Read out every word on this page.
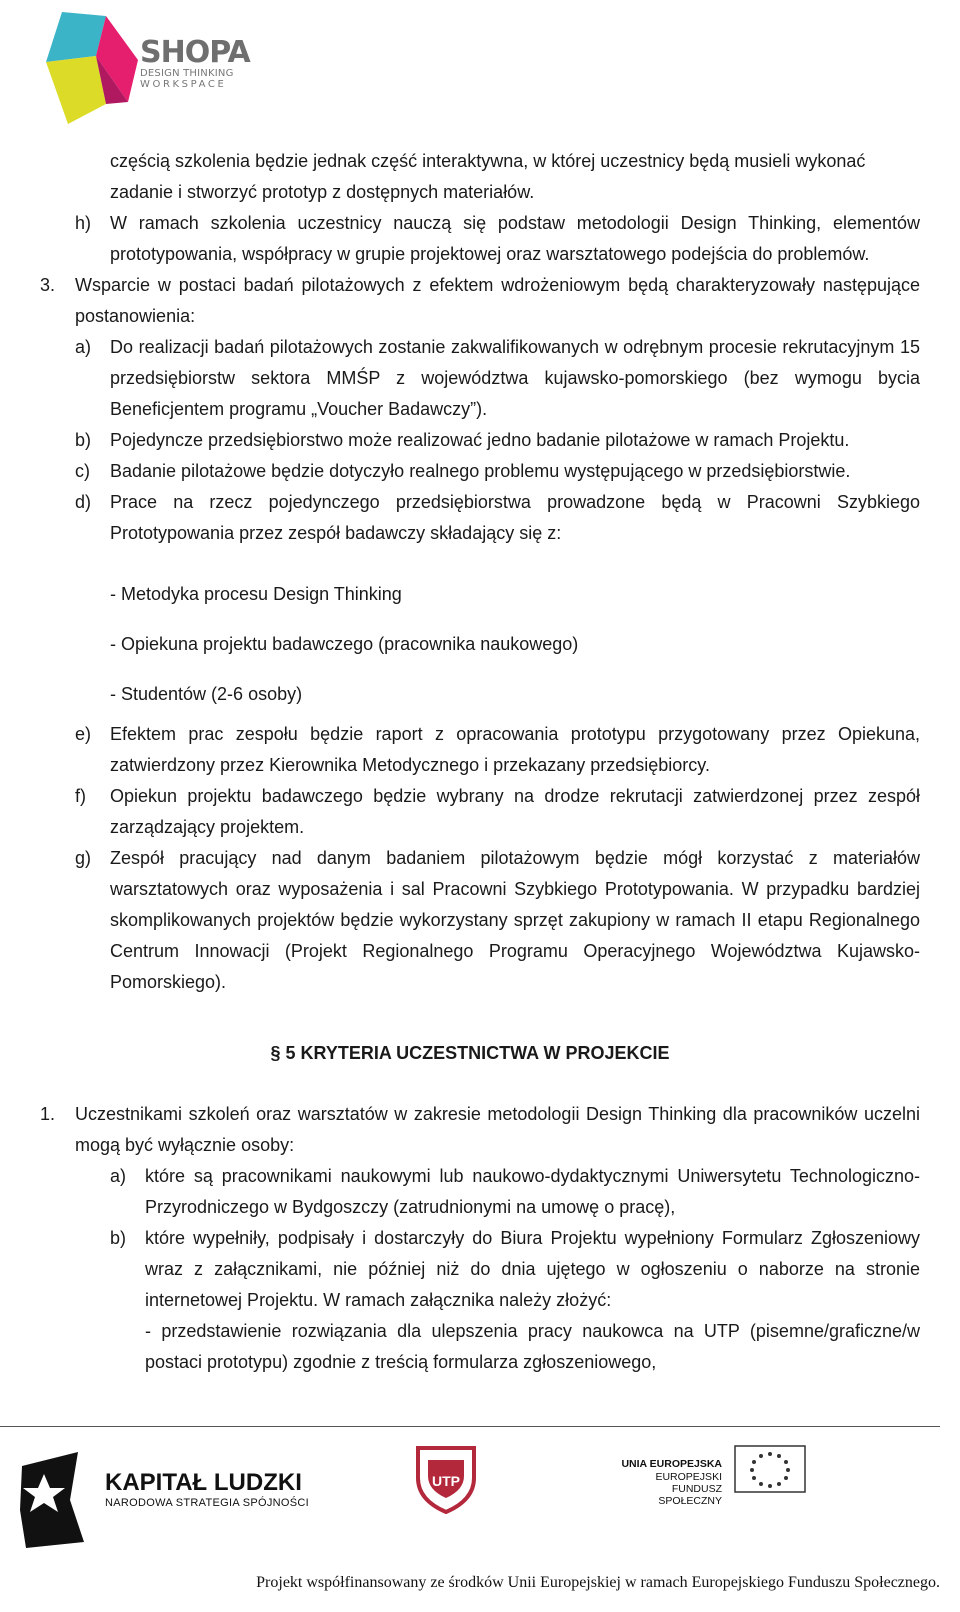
SHOPA
DESIGN THINKING
WORKSPACE
częścią szkolenia będzie jednak część interaktywna, w której uczestnicy będą musieli wykonać
zadanie i stworzyć prototyp z dostępnych materiałów.
h) W ramach szkolenia uczestnicy nauczą się podstaw metodologii Design Thinking, elementów prototypowania, współpracy w grupie projektowej oraz warsztatowego podejścia do problemów.
3. Wsparcie w postaci badań pilotażowych z efektem wdrożeniowym będą charakteryzowały następujące postanowienia:
a) Do realizacji badań pilotażowych zostanie zakwalifikowanych w odrębnym procesie rekrutacyjnym 15 przedsiębiorstw sektora MMŚP z województwa kujawsko-pomorskiego (bez wymogu bycia Beneficjentem programu „Voucher Badawczy”).
b) Pojedyncze przedsiębiorstwo może realizować jedno badanie pilotażowe w ramach Projektu.
c) Badanie pilotażowe będzie dotyczyło realnego problemu występującego w przedsiębiorstwie.
d) Prace na rzecz pojedynczego przedsiębiorstwa prowadzone będą w Pracowni Szybkiego Prototypowania przez zespół badawczy składający się z:
- Metodyka procesu Design Thinking
- Opiekuna projektu badawczego (pracownika naukowego)
- Studentów (2-6 osoby)
e) Efektem prac zespołu będzie raport z opracowania prototypu przygotowany przez Opiekuna, zatwierdzony przez Kierownika Metodycznego i przekazany przedsiębiorcy.
f) Opiekun projektu badawczego będzie wybrany na drodze rekrutacji zatwierdzonej przez zespół zarządzający projektem.
g) Zespół pracujący nad danym badaniem pilotażowym będzie mógł korzystać z materiałów warsztatowych oraz wyposażenia i sal Pracowni Szybkiego Prototypowania. W przypadku bardziej skomplikowanych projektów będzie wykorzystany sprzęt zakupiony w ramach II etapu Regionalnego Centrum Innowacji (Projekt Regionalnego Programu Operacyjnego Województwa Kujawsko-Pomorskiego).
§ 5 KRYTERIA UCZESTNICTWA W PROJEKCIE
1. Uczestnikami szkoleń oraz warsztatów w zakresie metodologii Design Thinking dla pracowników uczelni mogą być wyłącznie osoby:
a) które są pracownikami naukowymi lub naukowo-dydaktycznymi Uniwersytetu Technologiczno-Przyrodniczego w Bydgoszczy (zatrudnionymi na umowę o pracę),
b) które wypełniły, podpisały i dostarczyły do Biura Projektu wypełniony Formularz Zgłoszeniowy wraz z załącznikami, nie później niż do dnia ujętego w ogłoszeniu o naborze na stronie internetowej Projektu. W ramach załącznika należy złożyć:
- przedstawienie rozwiązania dla ulepszenia pracy naukowca na UTP (pisemne/graficzne/w postaci prototypu) zgodnie z treścią formularza zgłoszeniowego,
UTP
KAPITAŁ LUDZKI
NARODOWA STRATEGIA SPÓJNOŚCI
UNIA EUROPEJSKA
EUROPEJSKI
FUNDUSZ SPOŁECZNY
Projekt współfinansowany ze środków Unii Europejskiej w ramach Europejskiego Funduszu Społecznego.
